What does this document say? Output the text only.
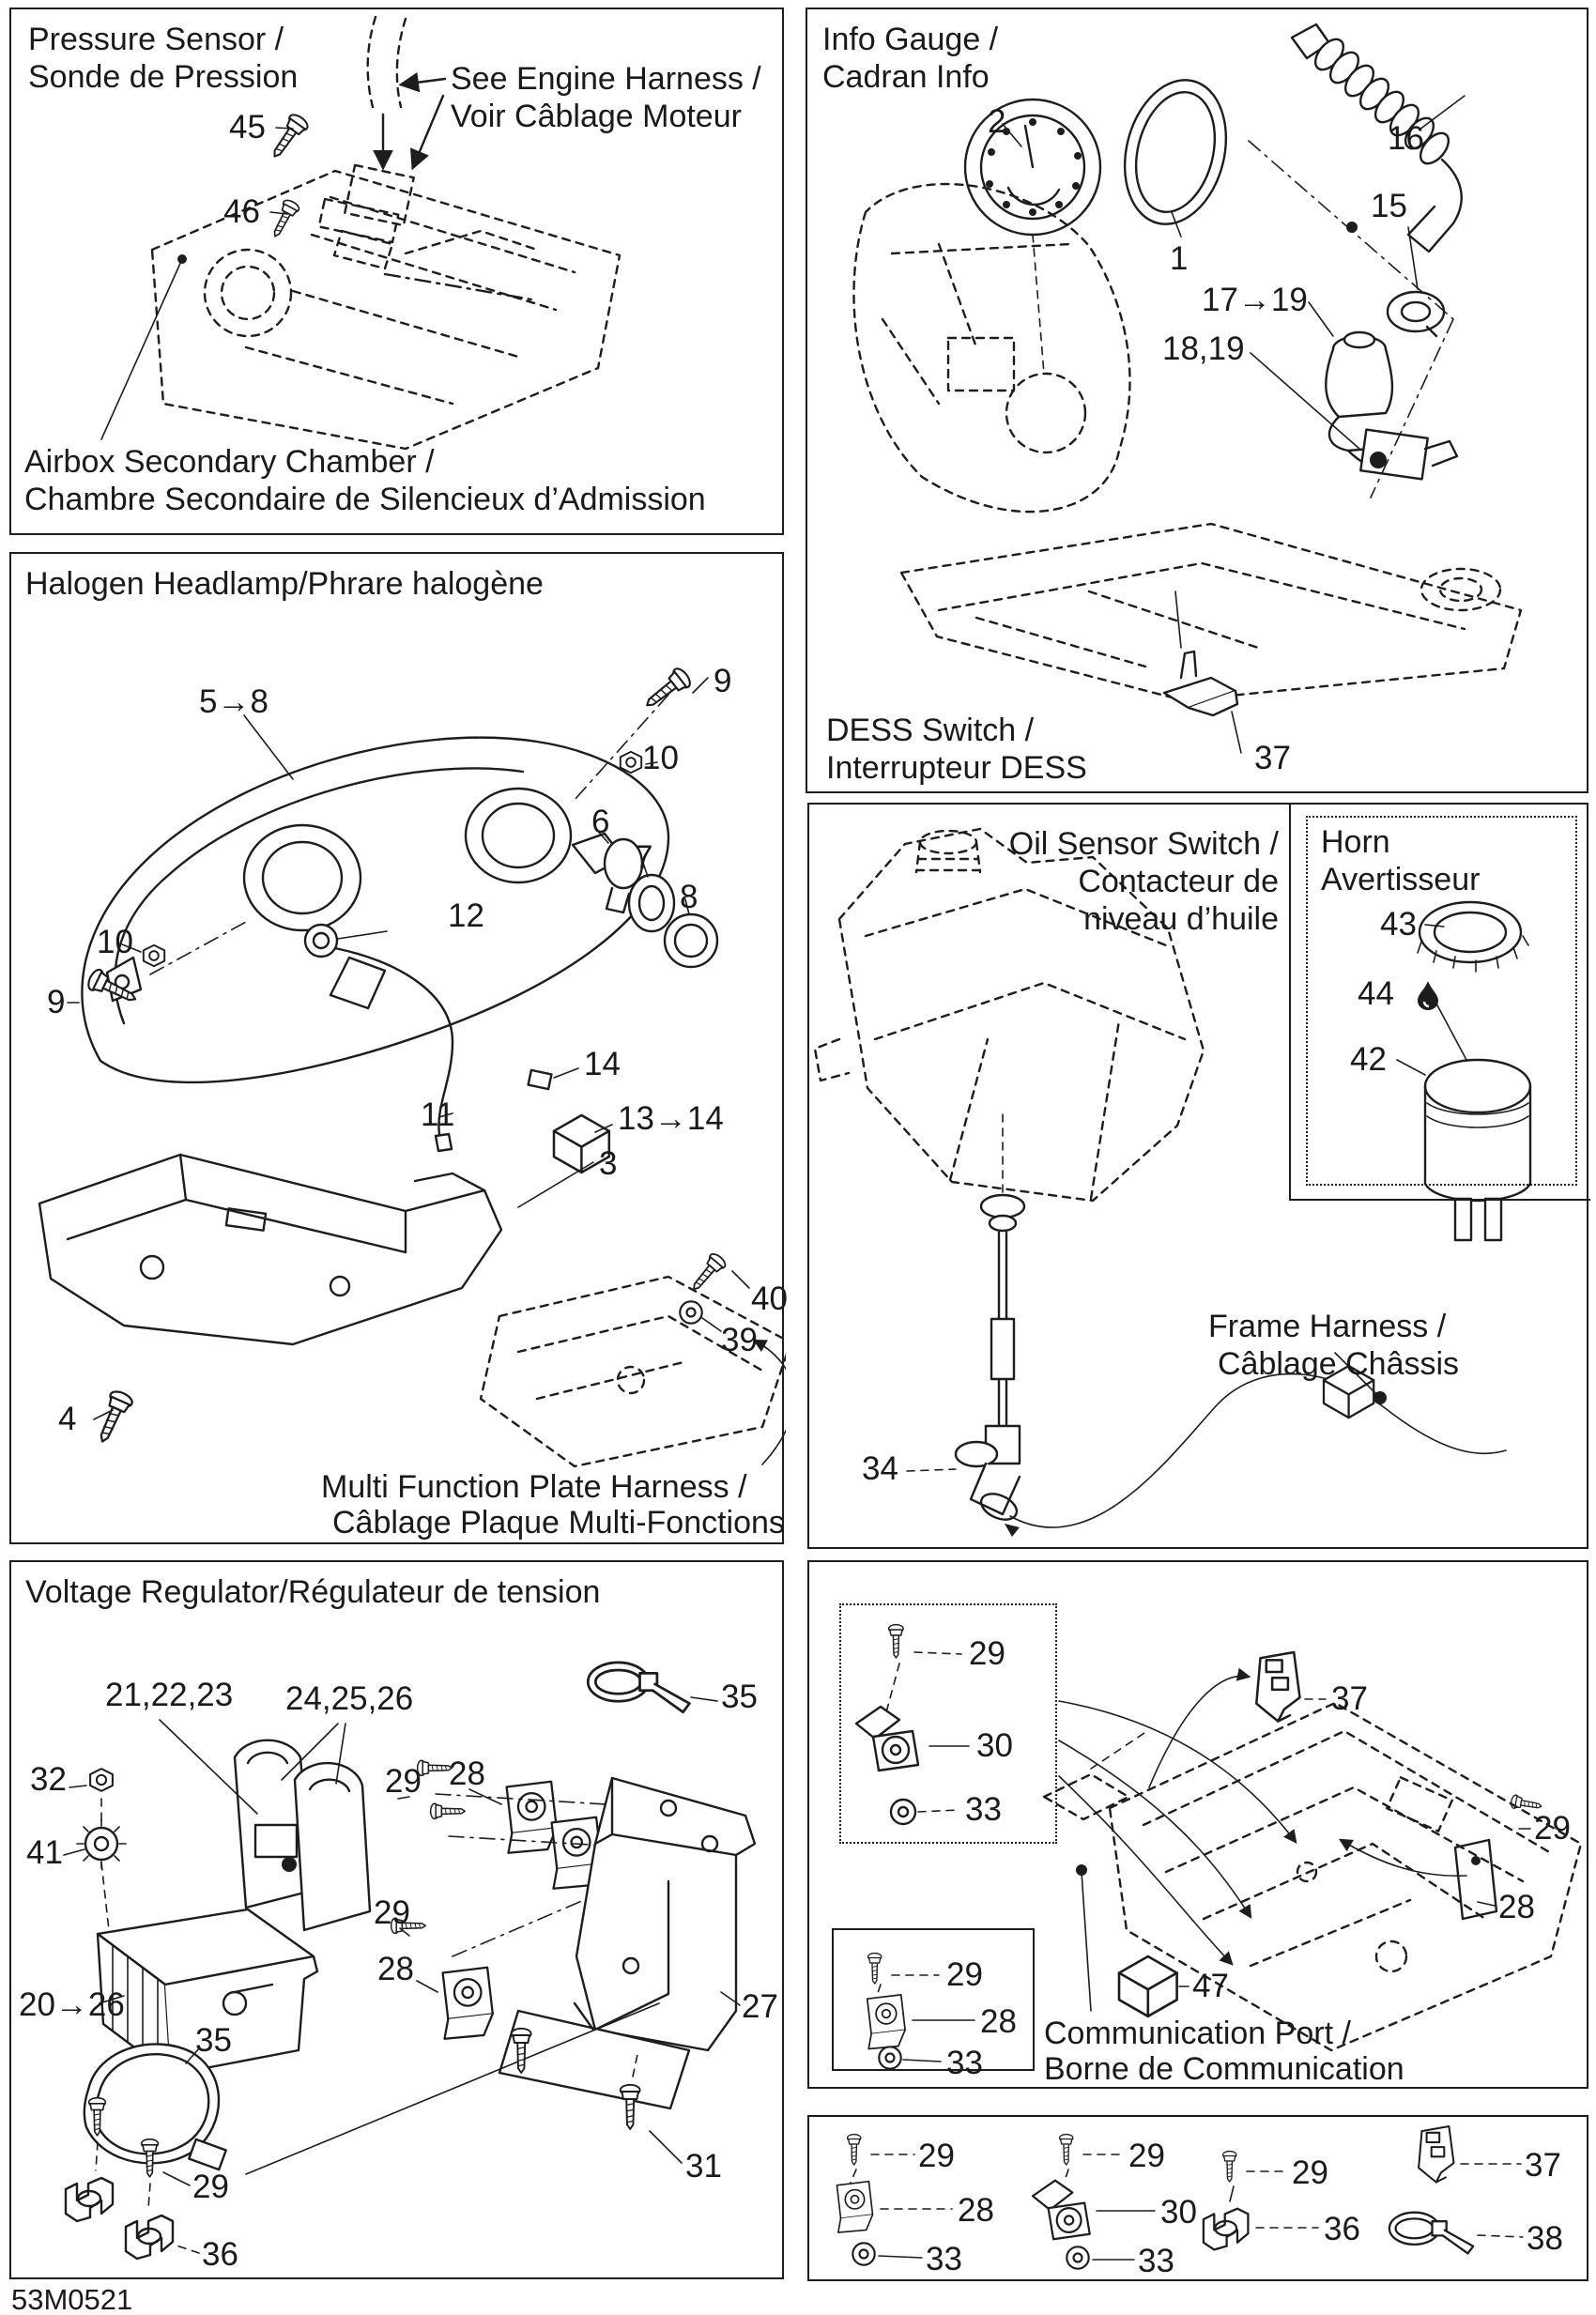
Pressure Sensor /
Sonde de Pression	See Engine Harness /
Voir Câblage Moteur
45
46
Airbox Secondary Chamber /
Chambre Secondaire de Silencieux d’Admission
Info Gauge /
Cadran Info
2
1
16
15
17→19
18,19
DESS Switch /
Interrupteur DESS	37
Halogen Headlamp/Phrare halogène
5→8
9
10
6
7
8
12
10
9
11
14
13→14
3
40
39
4
Multi Function Plate Harness /
Câblage Plaque Multi-Fonctions
Oil Sensor Switch /
Contacteur de
niveau d’huile
34
Frame Harness /
Câblage Châssis
Horn
Avertisseur
43
44
42
Voltage Regulator/Régulateur de tension
21,22,23 24,25,26
32
41
29 28
35
29
28
27
20→26
35
29
36
31
29
30
33
37
29
28
29
28
33
47
Communication Port /
Borne de Communication
29
28
33
29
30
33
29
36
37
38
53M0521
